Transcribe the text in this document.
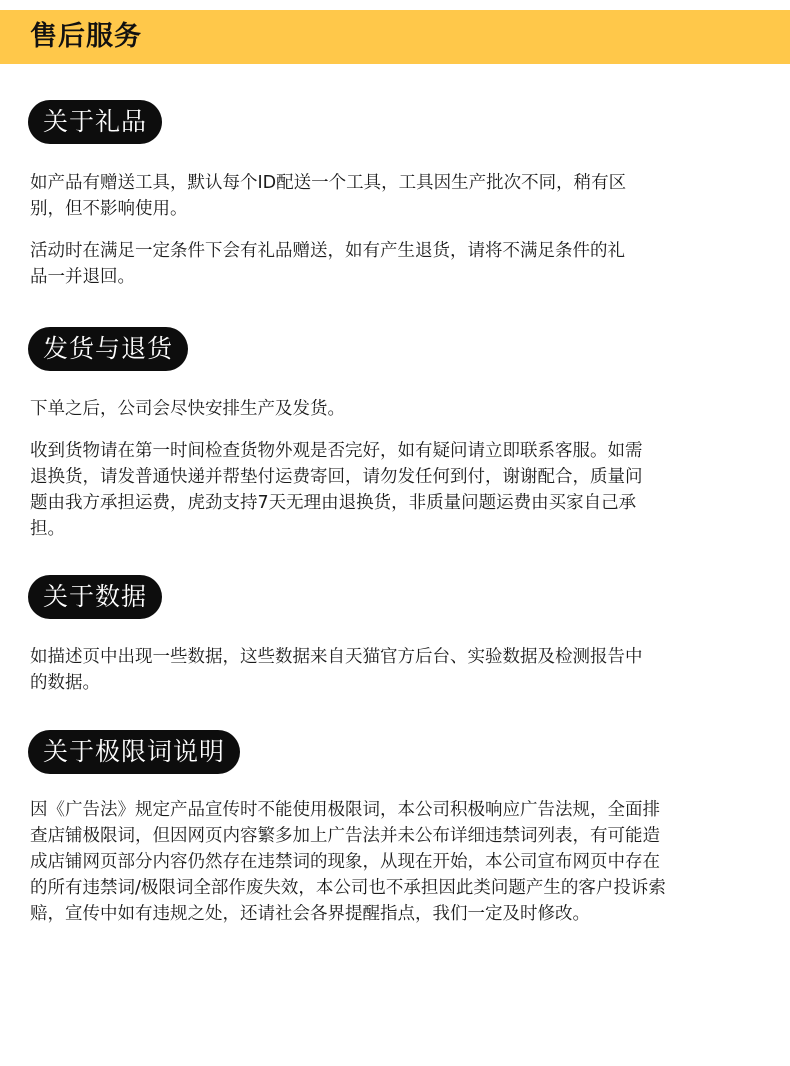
售后服务
关于礼品

如产品有赠送工具，默认每个ID配送一个工具，工具因生产批次不同，稍有区
别，但不影响使用。

活动时在满足一定条件下会有礼品赠送，如有产生退货，请将不满足条件的礼
品一并退回。

发货与退货

下单之后，公司会尽快安排生产及发货。

收到货物请在第一时间检查货物外观是否完好，如有疑问请立即联系客服。如需
退换货，请发普通快递并帮垫付运费寄回，请勿发任何到付，谢谢配合，质量问
题由我方承担运费，虎劲支持7天无理由退换货，非质量问题运费由买家自己承
担。

关于数据

如描述页中出现一些数据，这些数据来自天猫官方后台、实验数据及检测报告中
的数据。

关于极限词说明

因《广告法》规定产品宣传时不能使用极限词，本公司积极响应广告法规，全面排
查店铺极限词，但因网页内容繁多加上广告法并未公布详细违禁词列表，有可能造
成店铺网页部分内容仍然存在违禁词的现象，从现在开始，本公司宣布网页中存在
的所有违禁词/极限词全部作废失效，本公司也不承担因此类问题产生的客户投诉索
赔，宣传中如有违规之处，还请社会各界提醒指点，我们一定及时修改。
